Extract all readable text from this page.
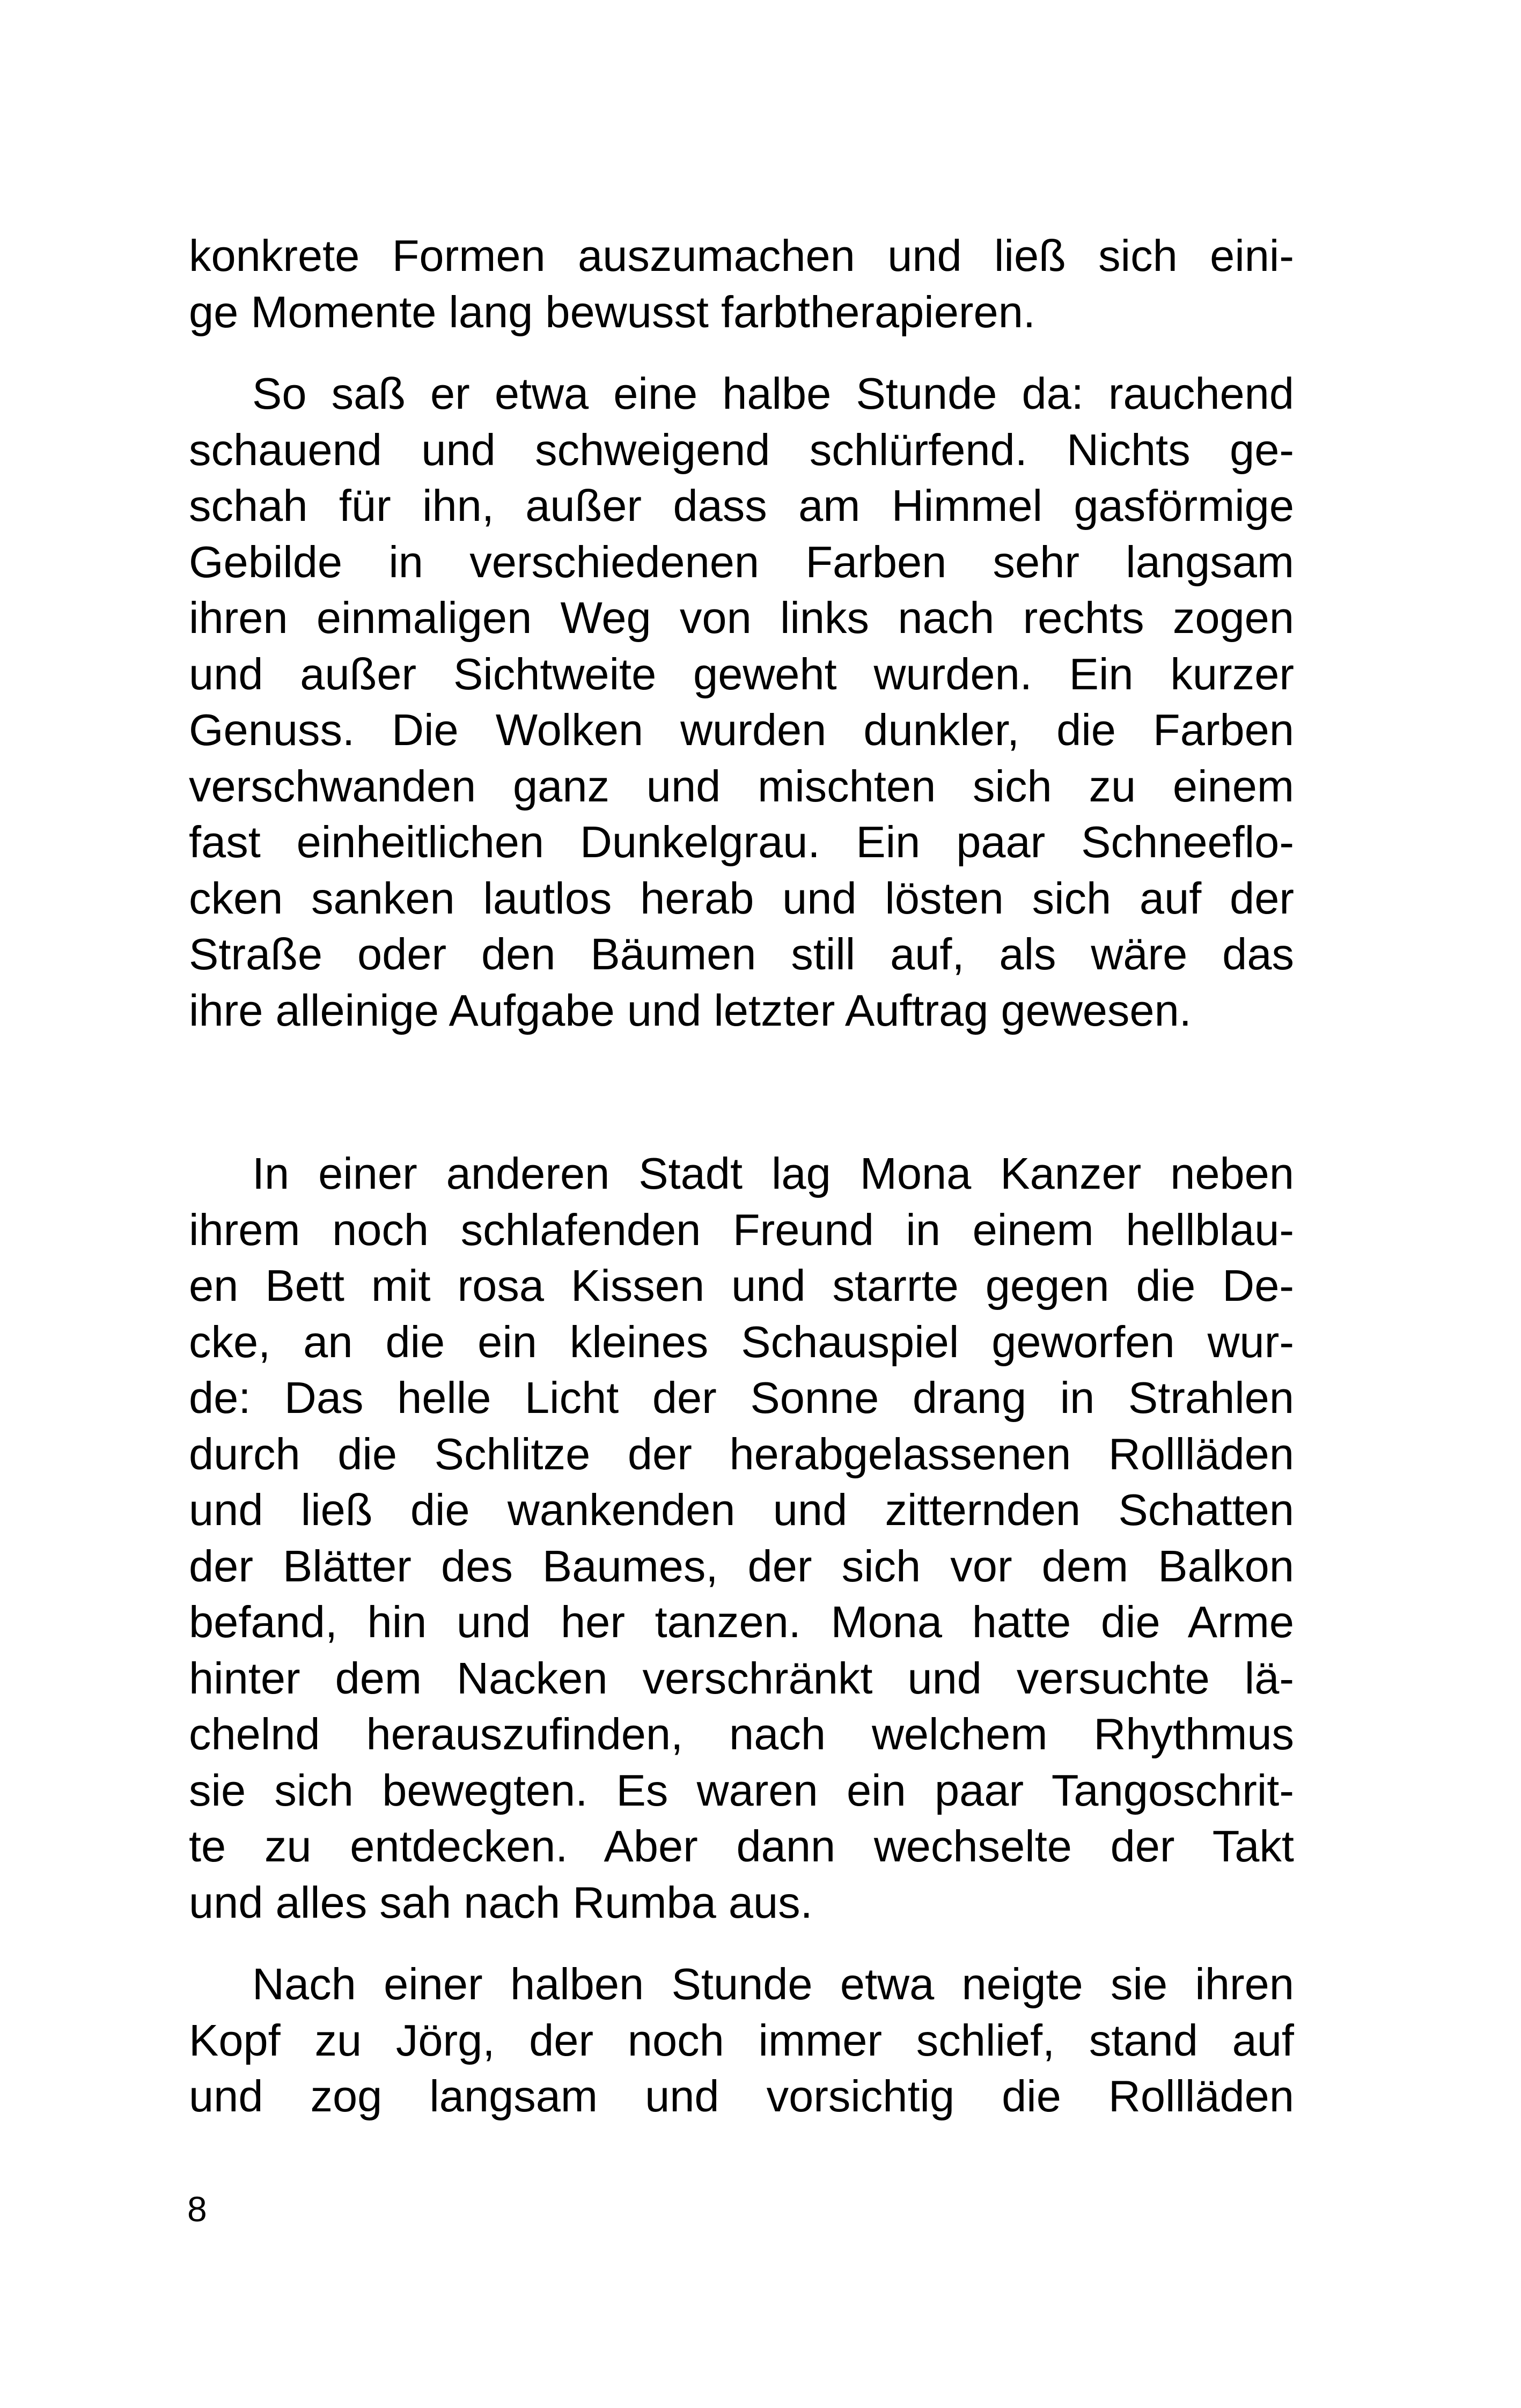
konkrete Formen auszumachen und ließ sich eini-
ge Momente lang bewusst farbtherapieren.
So saß er etwa eine halbe Stunde da: rauchend
schauend und schweigend schlürfend. Nichts ge-
schah für ihn, außer dass am Himmel gasförmige
Gebilde in verschiedenen Farben sehr langsam
ihren einmaligen Weg von links nach rechts zogen
und außer Sichtweite geweht wurden. Ein kurzer
Genuss. Die Wolken wurden dunkler, die Farben
verschwanden ganz und mischten sich zu einem
fast einheitlichen Dunkelgrau. Ein paar Schneeflo-
cken sanken lautlos herab und lösten sich auf der
Straße oder den Bäumen still auf, als wäre das
ihre alleinige Aufgabe und letzter Auftrag gewesen.
In einer anderen Stadt lag Mona Kanzer neben
ihrem noch schlafenden Freund in einem hellblau-
en Bett mit rosa Kissen und starrte gegen die De-
cke, an die ein kleines Schauspiel geworfen wur-
de: Das helle Licht der Sonne drang in Strahlen
durch die Schlitze der herabgelassenen Rollläden
und ließ die wankenden und zitternden Schatten
der Blätter des Baumes, der sich vor dem Balkon
befand, hin und her tanzen. Mona hatte die Arme
hinter dem Nacken verschränkt und versuchte lä-
chelnd herauszufinden, nach welchem Rhythmus
sie sich bewegten. Es waren ein paar Tangoschrit-
te zu entdecken. Aber dann wechselte der Takt
und alles sah nach Rumba aus.
Nach einer halben Stunde etwa neigte sie ihren
Kopf zu Jörg, der noch immer schlief, stand auf
und zog langsam und vorsichtig die Rollläden
8
